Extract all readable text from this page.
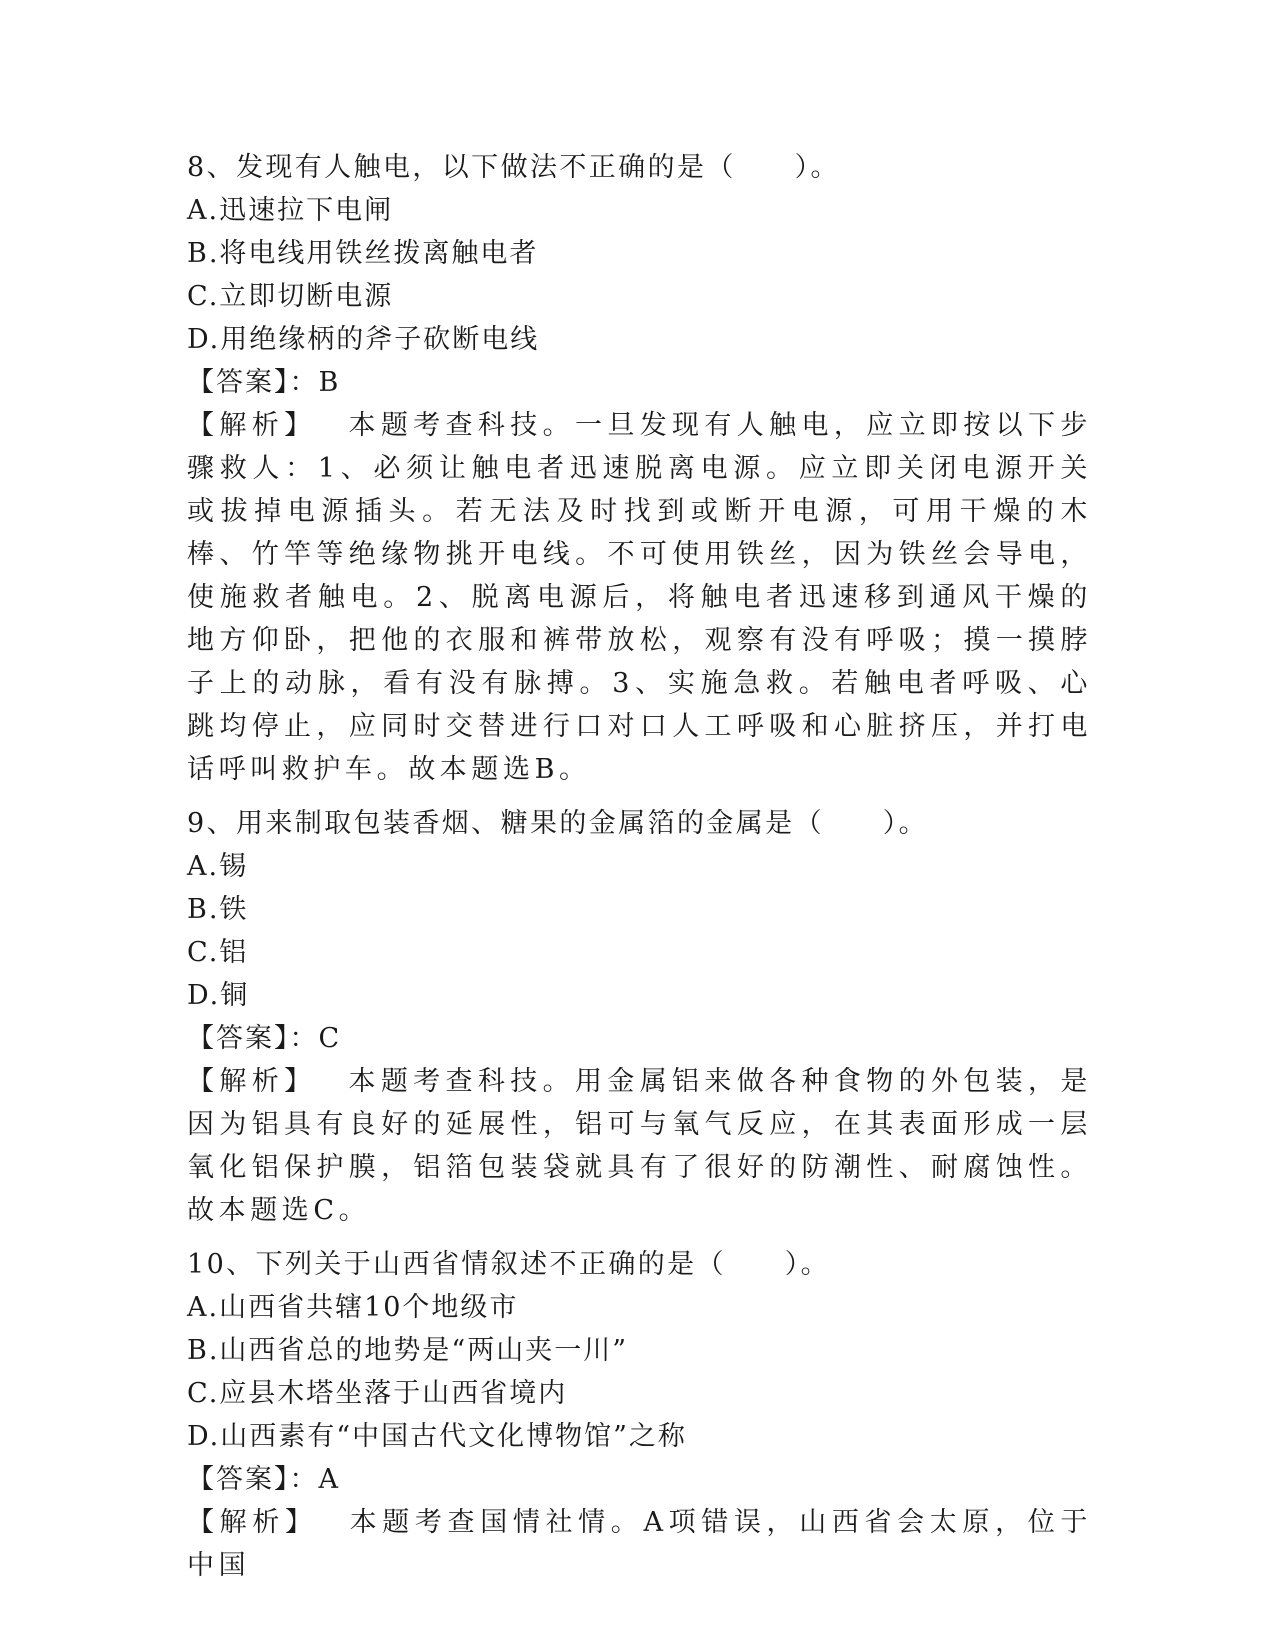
8、发现有人触电，以下做法不正确的是（　　）。
A.迅速拉下电闸
B.将电线用铁丝拨离触电者
C.立即切断电源
D.用绝缘柄的斧子砍断电线
【答案】：B
【解析】 本题考查科技。一旦发现有人触电，应立即按以下步骤救人：1、必须让触电者迅速脱离电源。应立即关闭电源开关或拔掉电源插头。若无法及时找到或断开电源，可用干燥的木棒、竹竿等绝缘物挑开电线。不可使用铁丝，因为铁丝会导电，使施救者触电。2、脱离电源后，将触电者迅速移到通风干燥的地方仰卧，把他的衣服和裤带放松，观察有没有呼吸；摸一摸脖子上的动脉，看有没有脉搏。3、实施急救。若触电者呼吸、心跳均停止，应同时交替进行口对口人工呼吸和心脏挤压，并打电话呼叫救护车。故本题选B。
9、用来制取包装香烟、糖果的金属箔的金属是（　　）。
A.锡
B.铁
C.铝
D.铜
【答案】：C
【解析】 本题考查科技。用金属铝来做各种食物的外包装，是因为铝具有良好的延展性，铝可与氧气反应，在其表面形成一层氧化铝保护膜，铝箔包装袋就具有了很好的防潮性、耐腐蚀性。故本题选C。
10、下列关于山西省情叙述不正确的是（　　）。
A.山西省共辖10个地级市
B.山西省总的地势是“两山夹一川”
C.应县木塔坐落于山西省境内
D.山西素有“中国古代文化博物馆”之称
【答案】：A
【解析】 本题考查国情社情。A项错误，山西省会太原，位于中国
